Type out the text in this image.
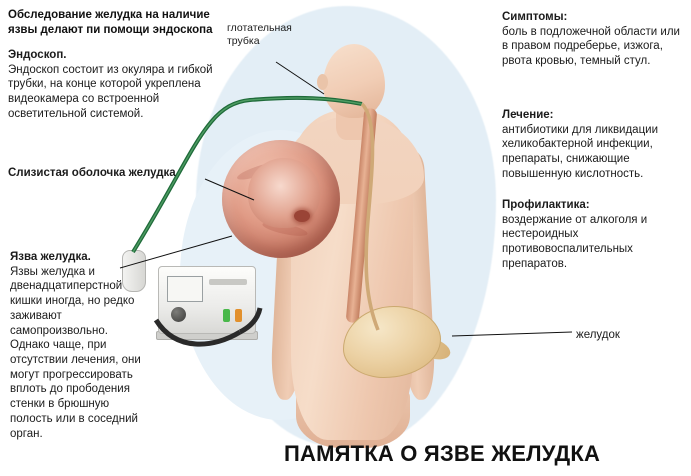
Обследование желудка на наличие язвы делают пи помощи эндоскопа
Эндоскоп.
Эндоскоп состоит из окуляра и гибкой трубки, на конце которой укреплена видеокамера со встроенной осветительной системой.
Слизистая оболочка желудка
Язва желудка.
Язвы желудка и двенадцатиперстной кишки иногда, но редко заживают самопроизвольно. Однако чаще, при отсутствии лечения, они могут прогрессировать вплоть до прободения стенки в брюшную полость или в соседний орган.
глотательная трубка
Симптомы:
боль в подложечной области или в правом подреберье, изжога, рвота кровью, темный стул.
Лечение:
антибиотики для ликвидации хеликобактерной инфекции, препараты, снижающие повышенную кислотность.
Профилактика:
воздержание от алкоголя и нестероидных противовоспалительных препаратов.
желудок
ПАМЯТКА О ЯЗВЕ ЖЕЛУДКА
